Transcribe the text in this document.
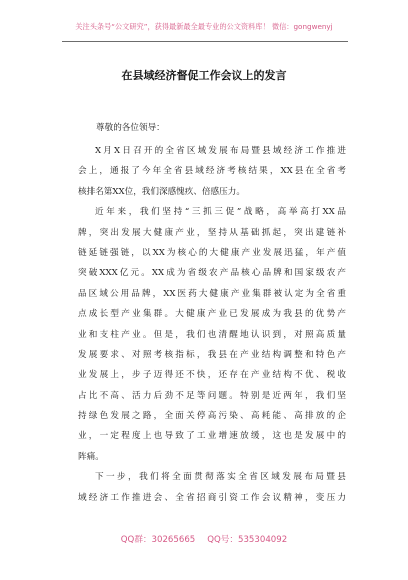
关注头条号“公文研究”，获得最新最全最专业的公文资料库！ 微信：gongwenyj
在县域经济督促工作会议上的发言
尊敬的各位领导：
X月X日召开的全省区域发展布局暨县域经济工作推进
会上，通报了今年全省县域经济考核结果，XX县在全省考
核排名第XX位，我们深感愧疚、倍感压力。
近年来，我们坚持“三抓三促”战略，高举高打XX品
牌，突出发展大健康产业，坚持从基础抓起，突出建链补
链延链强链，以XX为核心的大健康产业发展迅猛，年产值
突破XXX亿元。XX成为省级农产品核心品牌和国家级农产
品区域公用品牌，XX医药大健康产业集群被认定为全省重
点成长型产业集群。大健康产业已发展成为我县的优势产
业和支柱产业。但是，我们也清醒地认识到，对照高质量
发展要求、对照考核指标，我县在产业结构调整和特色产
业发展上，步子迈得还不快，还存在产业结构不优、税收
占比不高、活力后劲不足等问题。特别是近两年，我们坚
持绿色发展之路，全面关停高污染、高耗能、高排放的企
业，一定程度上也导致了工业增速放缓，这也是发展中的
阵痛。
下一步，我们将全面贯彻落实全省区域发展布局暨县
域经济工作推进会、全省招商引资工作会议精神，变压力
QQ群：30265665 QQ号：535304092
